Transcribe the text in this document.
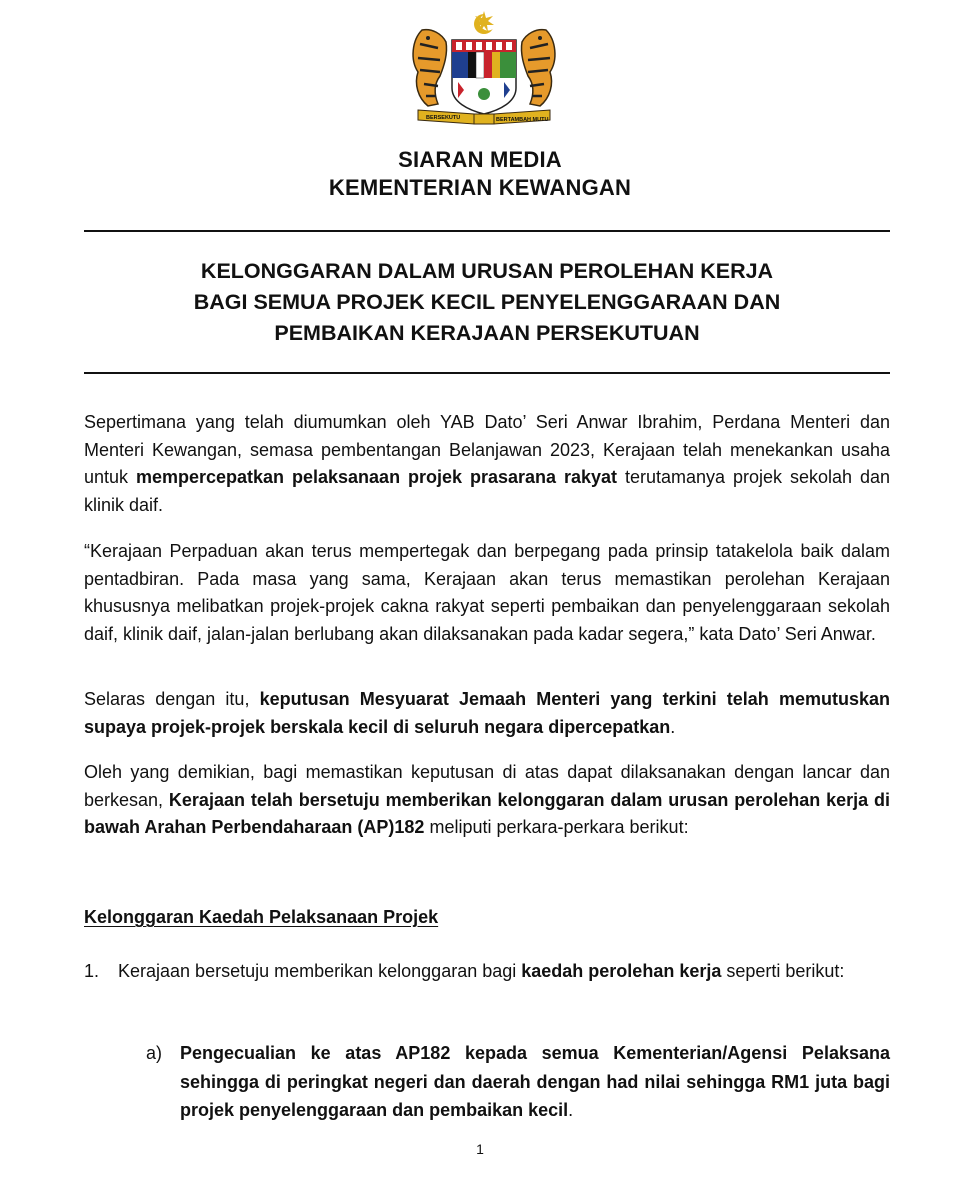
BERSEKUTU	BERTAMBAH MUTU
SIARAN MEDIA
KEMENTERIAN KEWANGAN
KELONGGARAN DALAM URUSAN PEROLEHAN KERJA
BAGI SEMUA PROJEK KECIL PENYELENGGARAAN DAN
PEMBAIKAN KERAJAAN PERSEKUTUAN
Sepertimana yang telah diumumkan oleh YAB Dato’ Seri Anwar Ibrahim, Perdana Menteri dan Menteri Kewangan, semasa pembentangan Belanjawan 2023, Kerajaan telah menekankan usaha untuk mempercepatkan pelaksanaan projek prasarana rakyat terutamanya projek sekolah dan klinik daif.
“Kerajaan Perpaduan akan terus mempertegak dan berpegang pada prinsip tatakelola baik dalam pentadbiran. Pada masa yang sama, Kerajaan akan terus memastikan perolehan Kerajaan khususnya melibatkan projek-projek cakna rakyat seperti pembaikan dan penyelenggaraan sekolah daif, klinik daif, jalan-jalan berlubang akan dilaksanakan pada kadar segera,” kata Dato’ Seri Anwar.
Selaras dengan itu, keputusan Mesyuarat Jemaah Menteri yang terkini telah memutuskan supaya projek-projek berskala kecil di seluruh negara dipercepatkan.
Oleh yang demikian, bagi memastikan keputusan di atas dapat dilaksanakan dengan lancar dan berkesan, Kerajaan telah bersetuju memberikan kelonggaran dalam urusan perolehan kerja di bawah Arahan Perbendaharaan (AP)182 meliputi perkara-perkara berikut:
Kelonggaran Kaedah Pelaksanaan Projek
1.	Kerajaan bersetuju memberikan kelonggaran bagi kaedah perolehan kerja seperti berikut:
a) Pengecualian ke atas AP182 kepada semua Kementerian/Agensi Pelaksana sehingga di peringkat negeri dan daerah dengan had nilai sehingga RM1 juta bagi projek penyelenggaraan dan pembaikan kecil.
1
